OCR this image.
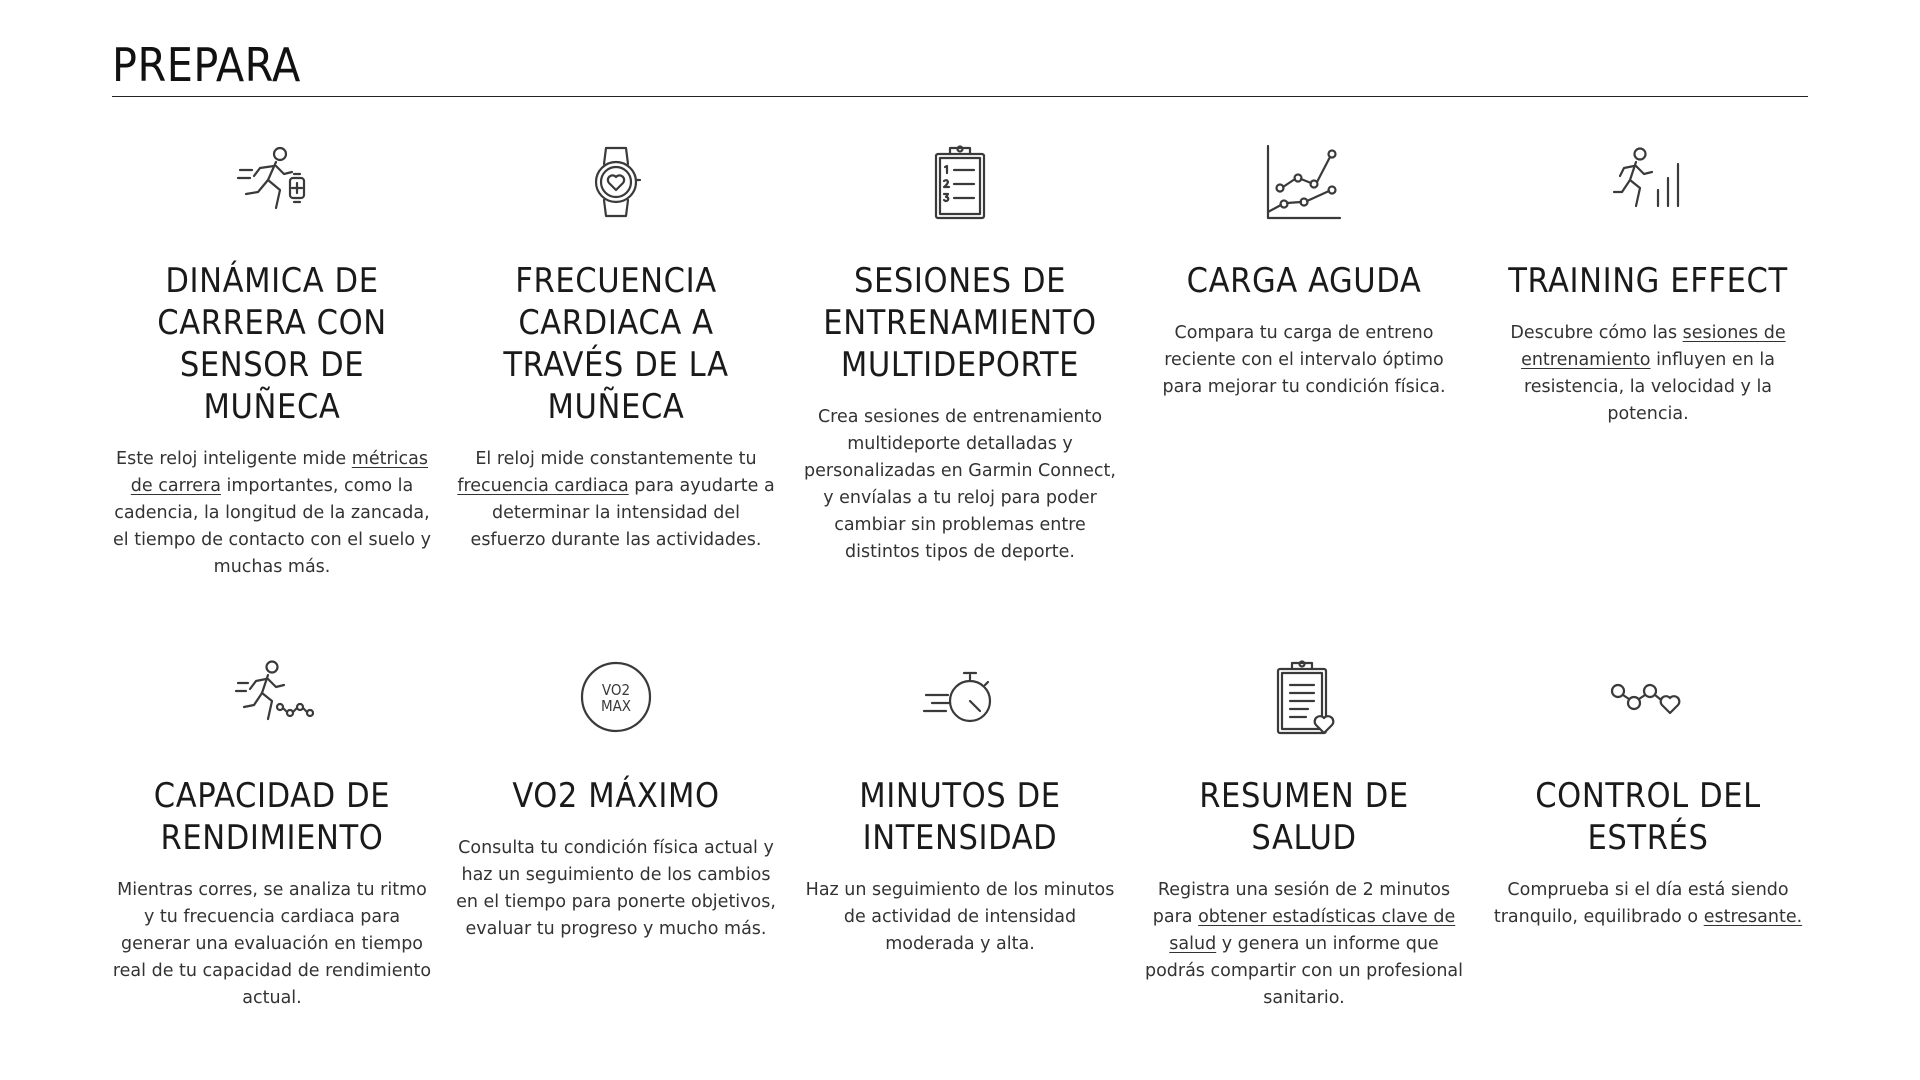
PREPARA
DINÁMICA DE CARRERA CON SENSOR DE MUÑECA

Este reloj inteligente mide métricas de carrera importantes, como la cadencia, la longitud de la zancada, el tiempo de contacto con el suelo y muchas más.

FRECUENCIA CARDIACA A TRAVÉS DE LA MUÑECA

El reloj mide constantemente tu frecuencia cardiaca para ayudarte a determinar la intensidad del esfuerzo durante las actividades.

SESIONES DE ENTRENAMIENTO MULTIDEPORTE

Crea sesiones de entrenamiento multideporte detalladas y personalizadas en Garmin Connect, y envíalas a tu reloj para poder cambiar sin problemas entre distintos tipos de deporte.

CARGA AGUDA

Compara tu carga de entreno reciente con el intervalo óptimo para mejorar tu condición física.

TRAINING EFFECT

Descubre cómo las sesiones de entrenamiento influyen en la resistencia, la velocidad y la potencia.

CAPACIDAD DE RENDIMIENTO

Mientras corres, se analiza tu ritmo y tu frecuencia cardiaca para generar una evaluación en tiempo real de tu capacidad de rendimiento actual.

VO2
MAX
VO2 MÁXIMO

Consulta tu condición física actual y haz un seguimiento de los cambios en el tiempo para ponerte objetivos, evaluar tu progreso y mucho más.

MINUTOS DE INTENSIDAD

Haz un seguimiento de los minutos de actividad de intensidad moderada y alta.

RESUMEN DE SALUD

Registra una sesión de 2 minutos para obtener estadísticas clave de salud y genera un informe que podrás compartir con un profesional sanitario.

CONTROL DEL ESTRÉS

Comprueba si el día está siendo tranquilo, equilibrado o estresante.
